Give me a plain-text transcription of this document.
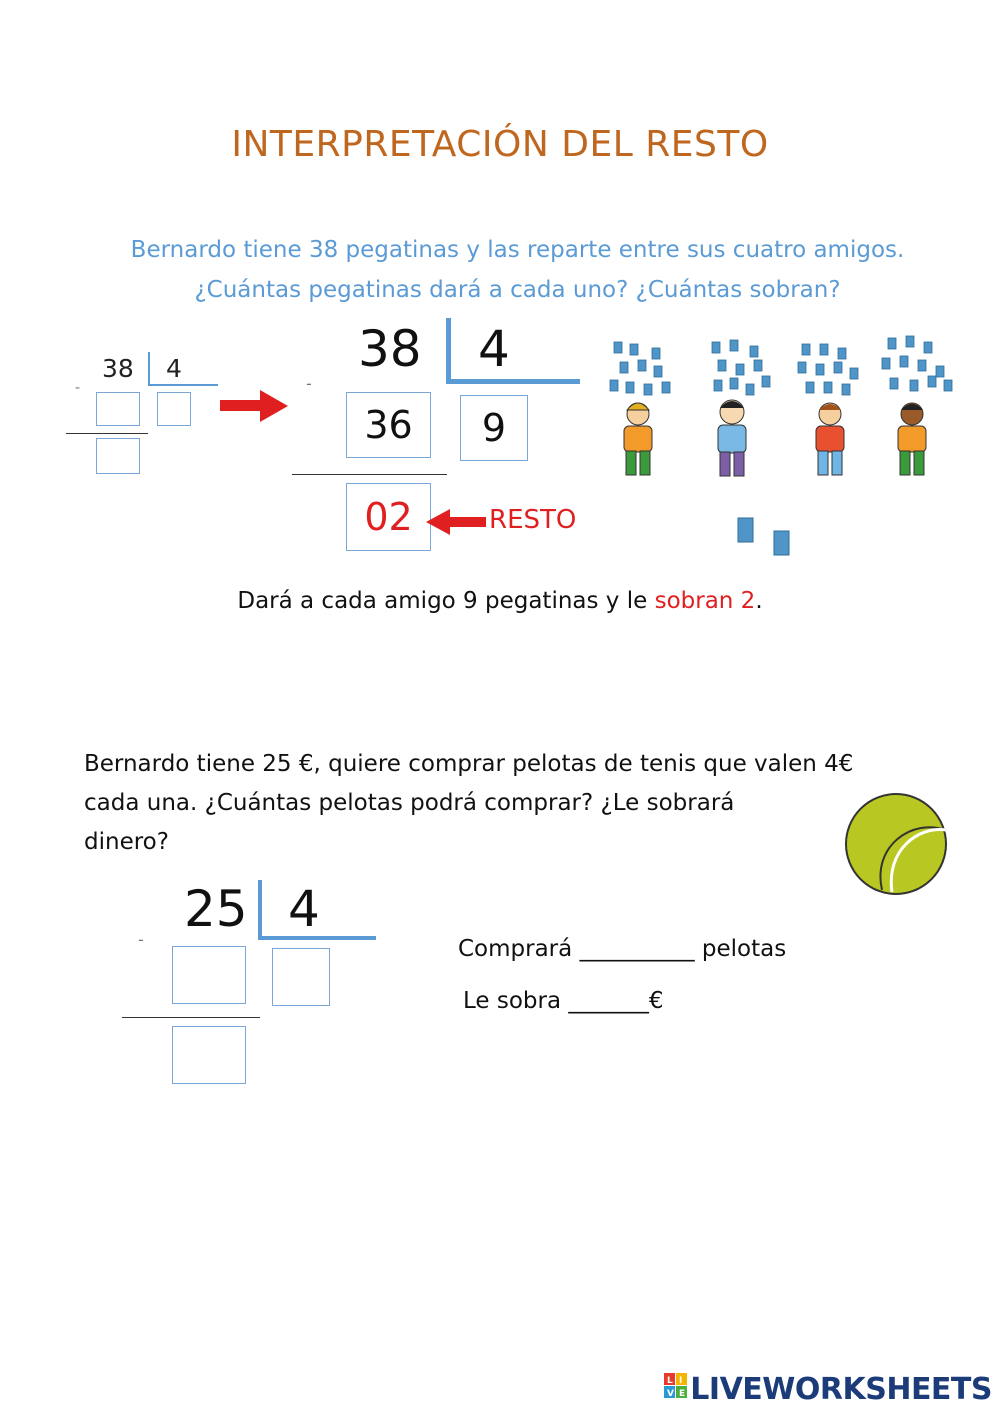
INTERPRETACIÓN DEL RESTO
Bernardo tiene 38 pegatinas y las reparte entre sus cuatro amigos.
¿Cuántas pegatinas dará a cada uno? ¿Cuántas sobran?
38
-
4	38
-
4
36	9
02	RESTO
Dará a cada amigo 9 pegatinas y le sobran 2.
Bernardo tiene 25 €, quiere comprar pelotas de tenis que valen 4€
cada una. ¿Cuántas pelotas podrá comprar? ¿Le sobrará
dinero?
25
-
4
Comprará __________ pelotas
Le sobra _______€
L I
V E LIVEWORKSHEETS
